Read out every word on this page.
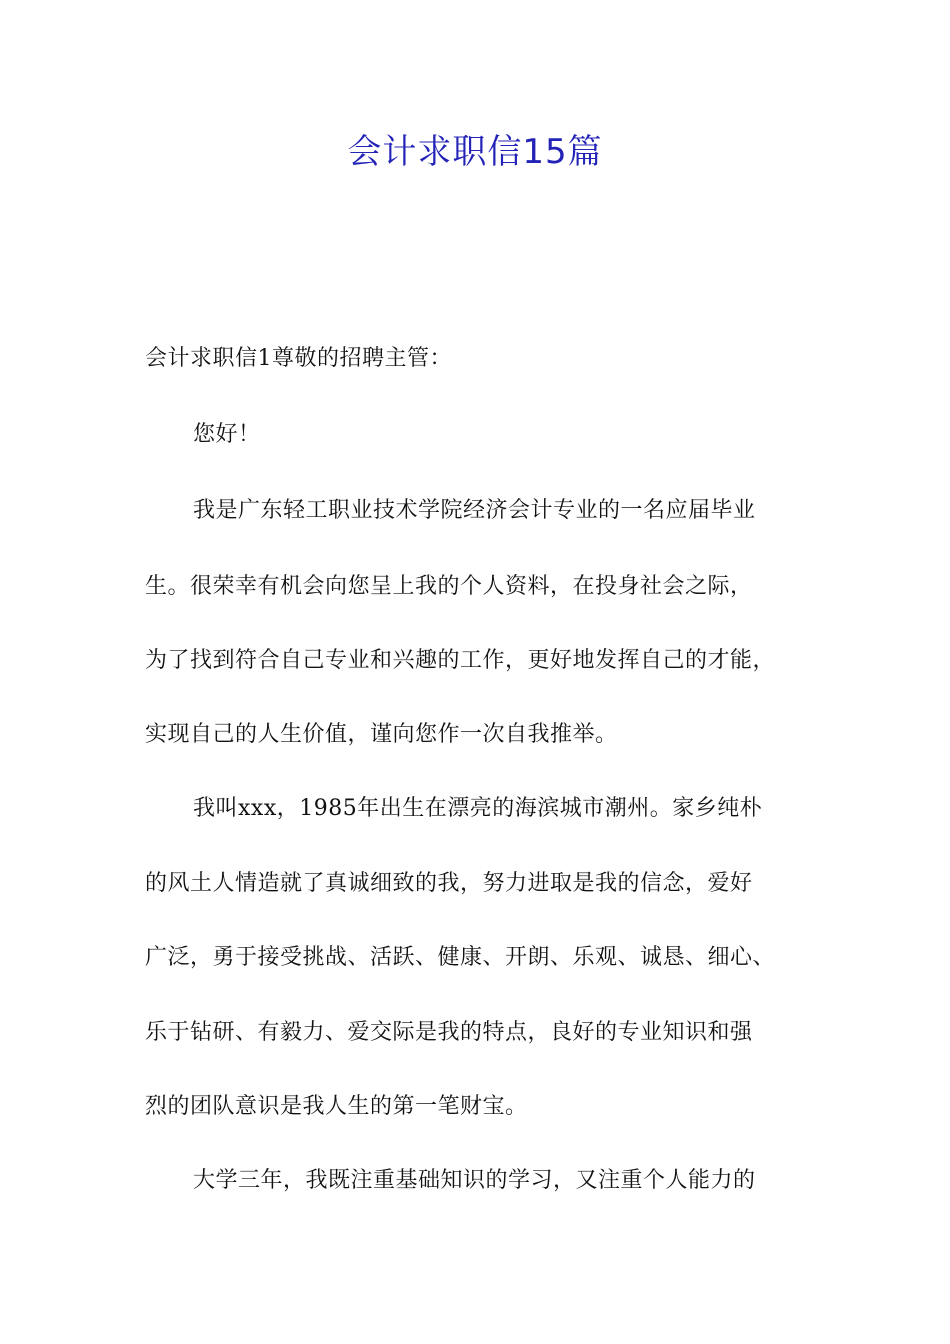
会计求职信15篇
会计求职信1尊敬的招聘主管：
您好！
我是广东轻工职业技术学院经济会计专业的一名应届毕业
生。很荣幸有机会向您呈上我的个人资料，在投身社会之际，
为了找到符合自己专业和兴趣的工作，更好地发挥自己的才能，
实现自己的人生价值，谨向您作一次自我推举。
我叫xxx，1985年出生在漂亮的海滨城市潮州。家乡纯朴
的风土人情造就了真诚细致的我，努力进取是我的信念，爱好
广泛，勇于接受挑战、活跃、健康、开朗、乐观、诚恳、细心、
乐于钻研、有毅力、爱交际是我的特点，良好的专业知识和强
烈的团队意识是我人生的第一笔财宝。
大学三年，我既注重基础知识的学习，又注重个人能力的
